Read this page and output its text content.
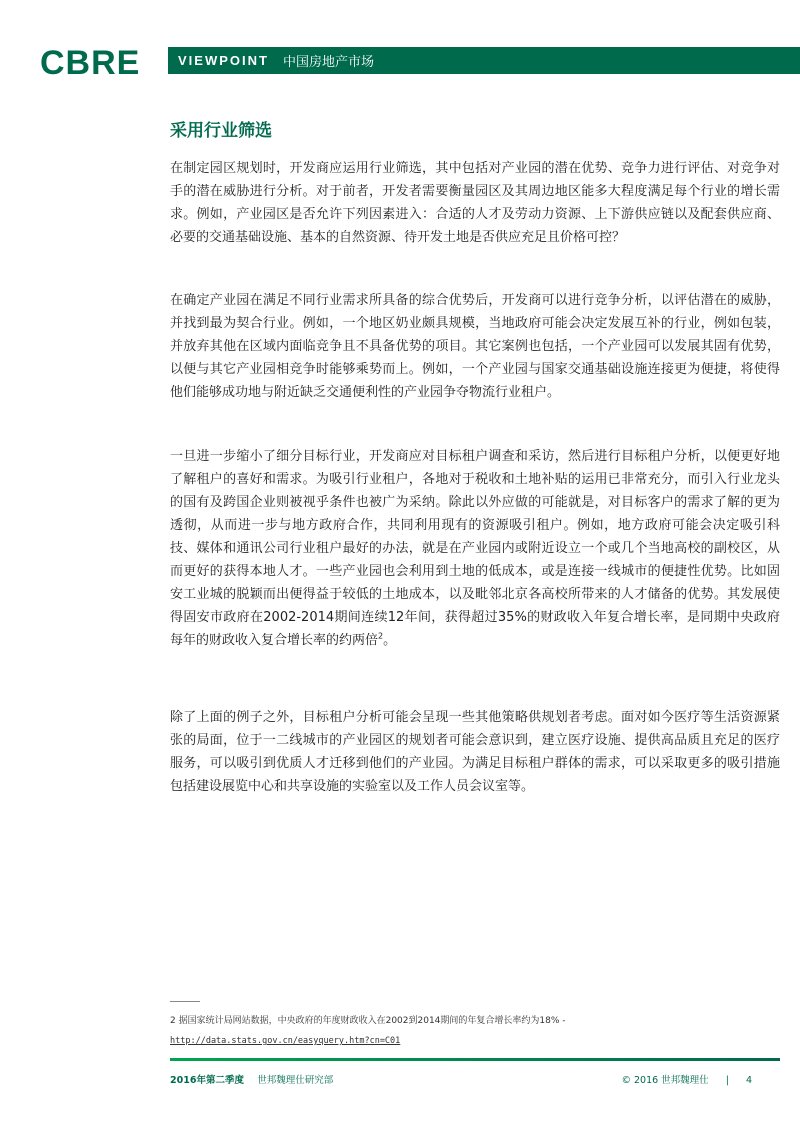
CBRE	VIEWPOINT 中国房地产市场
采用行业筛选

在制定园区规划时，开发商应运用行业筛选，其中包括对产业园的潜在优势、竞争力进行评估、对竞争对手的潜在威胁进行分析。对于前者，开发者需要衡量园区及其周边地区能多大程度满足每个行业的增长需求。例如，产业园区是否允许下列因素进入：合适的人才及劳动力资源、上下游供应链以及配套供应商、必要的交通基础设施、基本的自然资源、待开发土地是否供应充足且价格可控？

在确定产业园在满足不同行业需求所具备的综合优势后，开发商可以进行竞争分析，以评估潜在的威胁，并找到最为契合行业。例如，一个地区奶业颇具规模，当地政府可能会决定发展互补的行业，例如包装，并放弃其他在区域内面临竞争且不具备优势的项目。其它案例也包括，一个产业园可以发展其固有优势，以便与其它产业园相竞争时能够乘势而上。例如，一个产业园与国家交通基础设施连接更为便捷，将使得他们能够成功地与附近缺乏交通便利性的产业园争夺物流行业租户。

一旦进一步缩小了细分目标行业，开发商应对目标租户调查和采访，然后进行目标租户分析，以便更好地了解租户的喜好和需求。为吸引行业租户，各地对于税收和土地补贴的运用已非常充分，而引入行业龙头的国有及跨国企业则被视乎条件也被广为采纳。除此以外应做的可能就是，对目标客户的需求了解的更为透彻，从而进一步与地方政府合作，共同利用现有的资源吸引租户。例如，地方政府可能会决定吸引科技、媒体和通讯公司行业租户最好的办法，就是在产业园内或附近设立一个或几个当地高校的副校区，从而更好的获得本地人才。一些产业园也会利用到土地的低成本，或是连接一线城市的便捷性优势。比如固安工业城的脱颖而出便得益于较低的土地成本，以及毗邻北京各高校所带来的人才储备的优势。其发展使得固安市政府在2002-2014期间连续12年间，获得超过35%的财政收入年复合增长率，是同期中央政府每年的财政收入复合增长率的约两倍$^2$。

除了上面的例子之外，目标租户分析可能会呈现一些其他策略供规划者考虑。面对如今医疗等生活资源紧张的局面，位于一二线城市的产业园区的规划者可能会意识到，建立医疗设施、提供高品质且充足的医疗服务，可以吸引到优质人才迁移到他们的产业园。为满足目标租户群体的需求，可以采取更多的吸引措施包括建设展览中心和共享设施的实验室以及工作人员会议室等。

2 据国家统计局网站数据，中央政府的年度财政收入在2002到2014期间的年复合增长率约为18% -
http://data.stats.gov.cn/easyquery.htm?cn=C01
2016年第二季度 世邦魏理仕研究部	© 2016 世邦魏理仕 | 4
